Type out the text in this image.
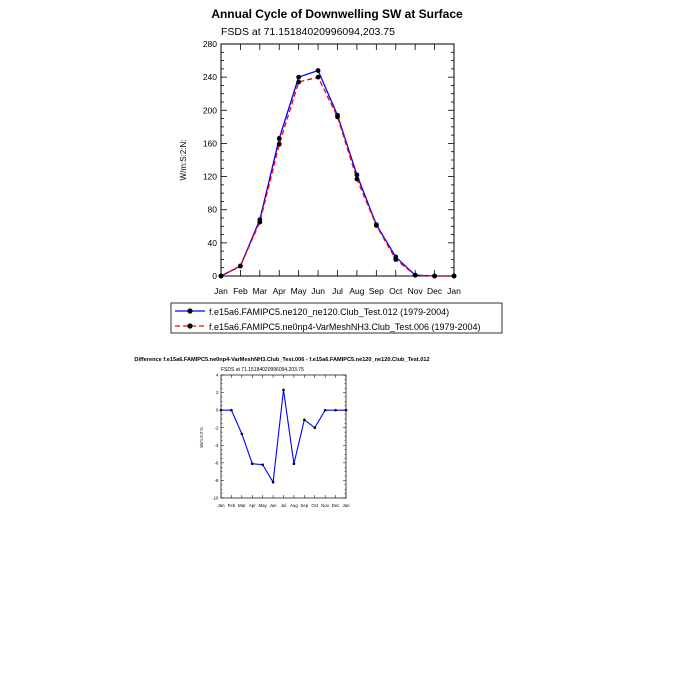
Annual Cycle of Downwelling SW at Surface
FSDS at 71.15184020996094,203.75
0
40
80
120
160
200
240
280
Jan Feb Mar Apr May Jun Jul Aug Sep Oct Nov Dec Jan
W/m:S:2:N:
f.e15a6.FAMIPC5.ne120_ne120.Club_Test.012 (1979-2004)
f.e15a6.FAMIPC5.ne0np4-VarMeshNH3.Club_Test.006 (1979-2004)
Difference f.e15a6.FAMIPC5.ne0np4-VarMeshNH3.Club_Test.006 - f.e15a6.FAMIPC5.ne120_ne120.Club_Test.012
FSDS at 71.15184020996094,203.75
-10
-8
-6
-4
-2
0
2
4
Jan Feb Mar Apr May Jun Jul Aug Sep Oct Nov Dec Jan
W/m:S:2:N:
